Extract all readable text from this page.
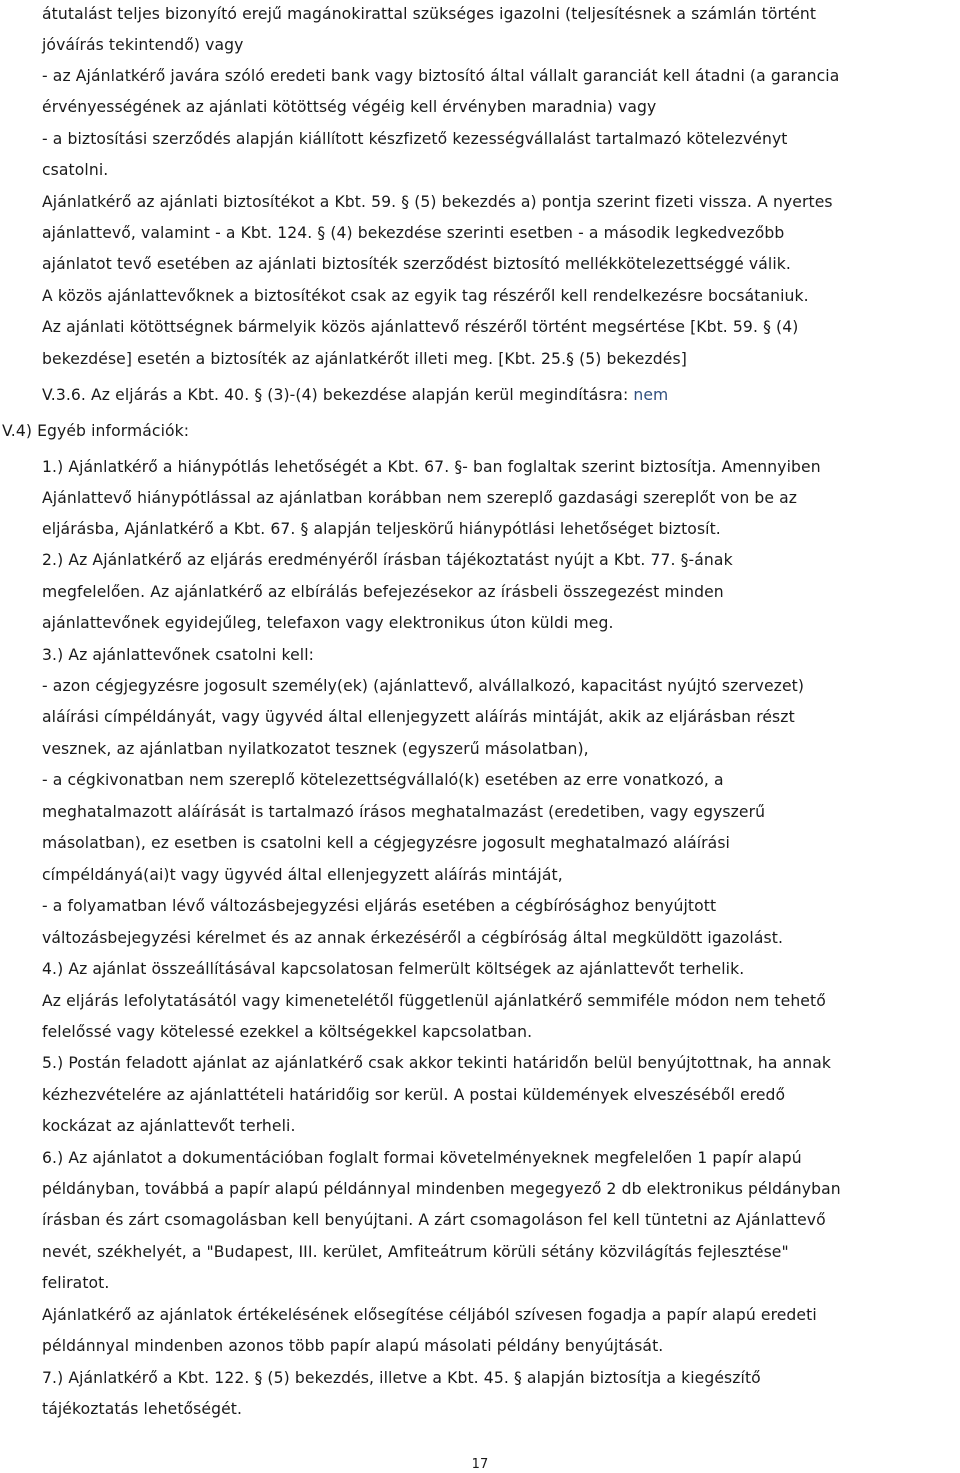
átutalást teljes bizonyító erejű magánokirattal szükséges igazolni (teljesítésnek a számlán történt
jóváírás tekintendő) vagy
- az Ajánlatkérő javára szóló eredeti bank vagy biztosító által vállalt garanciát kell átadni (a garancia
érvényességének az ajánlati kötöttség végéig kell érvényben maradnia) vagy
- a biztosítási szerződés alapján kiállított készfizető kezességvállalást tartalmazó kötelezvényt
csatolni.
Ajánlatkérő az ajánlati biztosítékot a Kbt. 59. § (5) bekezdés a) pontja szerint fizeti vissza. A nyertes
ajánlattevő, valamint - a Kbt. 124. § (4) bekezdése szerinti esetben - a második legkedvezőbb
ajánlatot tevő esetében az ajánlati biztosíték szerződést biztosító mellékkötelezettséggé válik.
A közös ajánlattevőknek a biztosítékot csak az egyik tag részéről kell rendelkezésre bocsátaniuk.
Az ajánlati kötöttségnek bármelyik közös ajánlattevő részéről történt megsértése [Kbt. 59. § (4)
bekezdése] esetén a biztosíték az ajánlatkérőt illeti meg. [Kbt. 25.§ (5) bekezdés]
V.3.6. Az eljárás a Kbt. 40. § (3)-(4) bekezdése alapján kerül megindításra: nem
V.4) Egyéb információk:
1.) Ajánlatkérő a hiánypótlás lehetőségét a Kbt. 67. §- ban foglaltak szerint biztosítja. Amennyiben
Ajánlattevő hiánypótlással az ajánlatban korábban nem szereplő gazdasági szereplőt von be az
eljárásba, Ajánlatkérő a Kbt. 67. § alapján teljeskörű hiánypótlási lehetőséget biztosít.
2.) Az Ajánlatkérő az eljárás eredményéről írásban tájékoztatást nyújt a Kbt. 77. §-ának
megfelelően. Az ajánlatkérő az elbírálás befejezésekor az írásbeli összegezést minden
ajánlattevőnek egyidejűleg, telefaxon vagy elektronikus úton küldi meg.
3.) Az ajánlattevőnek csatolni kell:
- azon cégjegyzésre jogosult személy(ek) (ajánlattevő, alvállalkozó, kapacitást nyújtó szervezet)
aláírási címpéldányát, vagy ügyvéd által ellenjegyzett aláírás mintáját, akik az eljárásban részt
vesznek, az ajánlatban nyilatkozatot tesznek (egyszerű másolatban),
- a cégkivonatban nem szereplő kötelezettségvállaló(k) esetében az erre vonatkozó, a
meghatalmazott aláírását is tartalmazó írásos meghatalmazást (eredetiben, vagy egyszerű
másolatban), ez esetben is csatolni kell a cégjegyzésre jogosult meghatalmazó aláírási
címpéldányá(ai)t vagy ügyvéd által ellenjegyzett aláírás mintáját,
- a folyamatban lévő változásbejegyzési eljárás esetében a cégbírósághoz benyújtott
változásbejegyzési kérelmet és az annak érkezéséről a cégbíróság által megküldött igazolást.
4.) Az ajánlat összeállításával kapcsolatosan felmerült költségek az ajánlattevőt terhelik.
Az eljárás lefolytatásától vagy kimenetelétől függetlenül ajánlatkérő semmiféle módon nem tehető
felelőssé vagy kötelessé ezekkel a költségekkel kapcsolatban.
5.) Postán feladott ajánlat az ajánlatkérő csak akkor tekinti határidőn belül benyújtottnak, ha annak
kézhezvételére az ajánlattételi határidőig sor kerül. A postai küldemények elveszéséből eredő
kockázat az ajánlattevőt terheli.
6.) Az ajánlatot a dokumentációban foglalt formai követelményeknek megfelelően 1 papír alapú
példányban, továbbá a papír alapú példánnyal mindenben megegyező 2 db elektronikus példányban
írásban és zárt csomagolásban kell benyújtani. A zárt csomagoláson fel kell tüntetni az Ajánlattevő
nevét, székhelyét, a "Budapest, III. kerület, Amfiteátrum körüli sétány közvilágítás fejlesztése"
feliratot.
Ajánlatkérő az ajánlatok értékelésének elősegítése céljából szívesen fogadja a papír alapú eredeti
példánnyal mindenben azonos több papír alapú másolati példány benyújtását.
7.) Ajánlatkérő a Kbt. 122. § (5) bekezdés, illetve a Kbt. 45. § alapján biztosítja a kiegészítő
tájékoztatás lehetőségét.
17
